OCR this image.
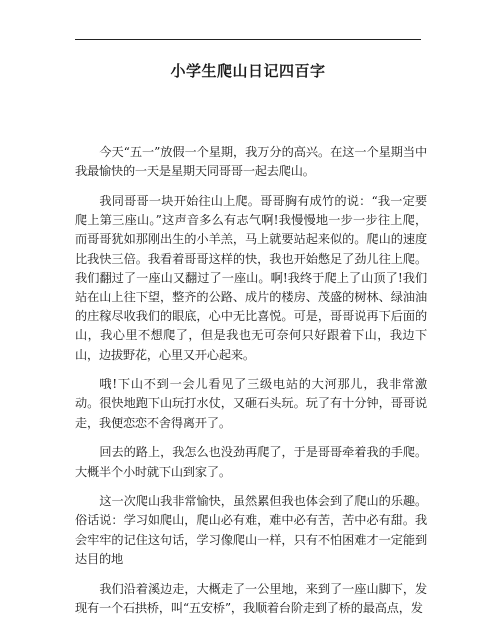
小学生爬山日记四百字

今天“五一”放假一个星期，我万分的高兴。在这一个星期当中我最愉快的一天是星期天同哥哥一起去爬山。

我同哥哥一块开始往山上爬。哥哥胸有成竹的说：“我一定要爬上第三座山。”这声音多么有志气啊!我慢慢地一步一步往上爬，而哥哥犹如那刚出生的小羊羔，马上就要站起来似的。爬山的速度比我快三倍。我看着哥哥这样的快，我也开始憋足了劲儿往上爬。我们翻过了一座山又翻过了一座山。啊!我终于爬上了山顶了!我们站在山上往下望，整齐的公路、成片的楼房、茂盛的树林、绿油油的庄稼尽收我们的眼底，心中无比喜悦。可是，哥哥说再下后面的山，我心里不想爬了，但是我也无可奈何只好跟着下山，我边下山，边拔野花，心里又开心起来。

哦!下山不到一会儿看见了三级电站的大河那儿，我非常激动。很快地跑下山玩打水仗，又砸石头玩。玩了有十分钟，哥哥说走，我便恋恋不舍得离开了。

回去的路上，我怎么也没劲再爬了，于是哥哥牵着我的手爬。大概半个小时就下山到家了。

这一次爬山我非常愉快，虽然累但我也体会到了爬山的乐趣。俗话说：学习如爬山，爬山必有难，难中必有苦，苦中必有甜。我会牢牢的记住这句话，学习像爬山一样，只有不怕困难才一定能到达目的地

我们沿着溪边走，大概走了一公里地，来到了一座山脚下，发现有一个石拱桥，叫“五安桥”，我顺着台阶走到了桥的最高点，发
